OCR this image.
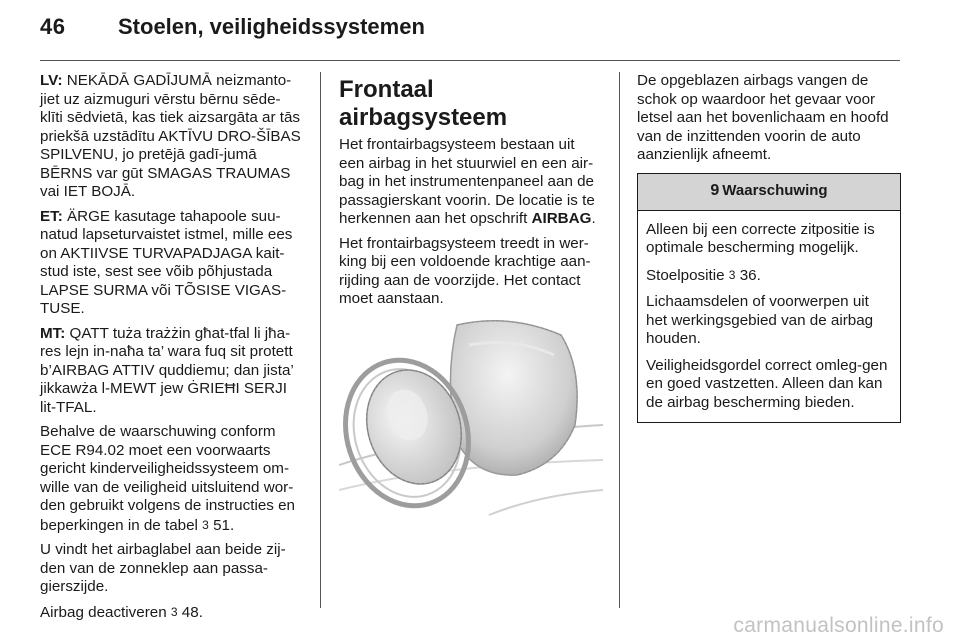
46 Stoelen, veiligheidssystemen

LV: NEKĀDĀ GADĪJUMĀ neizmanto-jiet uz aizmuguri vērstu bērnu sēde-klīti sēdvietā, kas tiek aizsargāta ar tās priekšā uzstādītu AKTĪVU DRO-ŠĪBAS SPILVENU, jo pretējā gadī-jumā BĒRNS var gūt SMAGAS TRAUMAS vai IET BOJĀ.

ET: ÄRGE kasutage tahapoole suu-natud lapseturvaistet istmel, mille ees on AKTIIVSE TURVAPADJAGA kait-stud iste, sest see võib põhjustada LAPSE SURMA või TÕSISE VIGAS-TUSE.

MT: QATT tuża trażżin għat-tfal li jħa-res lejn in-naħa ta’ wara fuq sit protett b’AIRBAG ATTIV quddiemu; dan jista’ jikkawża l-MEWT jew ĠRIEĦI SERJI lit-TFAL.

Behalve de waarschuwing conform ECE R94.02 moet een voorwaarts gericht kinderveiligheidssysteem om-wille van de veiligheid uitsluitend wor-den gebruikt volgens de instructies en beperkingen in de tabel 3 51.

U vindt het airbaglabel aan beide zij-den van de zonneklep aan passa-gierszijde.

Airbag deactiveren 3 48.

Frontaal airbagsysteem

Het frontairbagsysteem bestaan uit een airbag in het stuurwiel en een air-bag in het instrumentenpaneel aan de passagierskant voorin. De locatie is te herkennen aan het opschrift AIRBAG.

Het frontairbagsysteem treedt in wer-king bij een voldoende krachtige aan-rijding aan de voorzijde. Het contact moet aanstaan.

De opgeblazen airbags vangen de schok op waardoor het gevaar voor letsel aan het bovenlichaam en hoofd van de inzittenden voorin de auto aanzienlijk afneemt.

9 Waarschuwing

Alleen bij een correcte zitpositie is optimale bescherming mogelijk.

Stoelpositie 3 36.

Lichaamsdelen of voorwerpen uit het werkingsgebied van de airbag houden.

Veiligheidsgordel correct omleg-gen en goed vastzetten. Alleen dan kan de airbag bescherming bieden.

carmanualsonline.info
